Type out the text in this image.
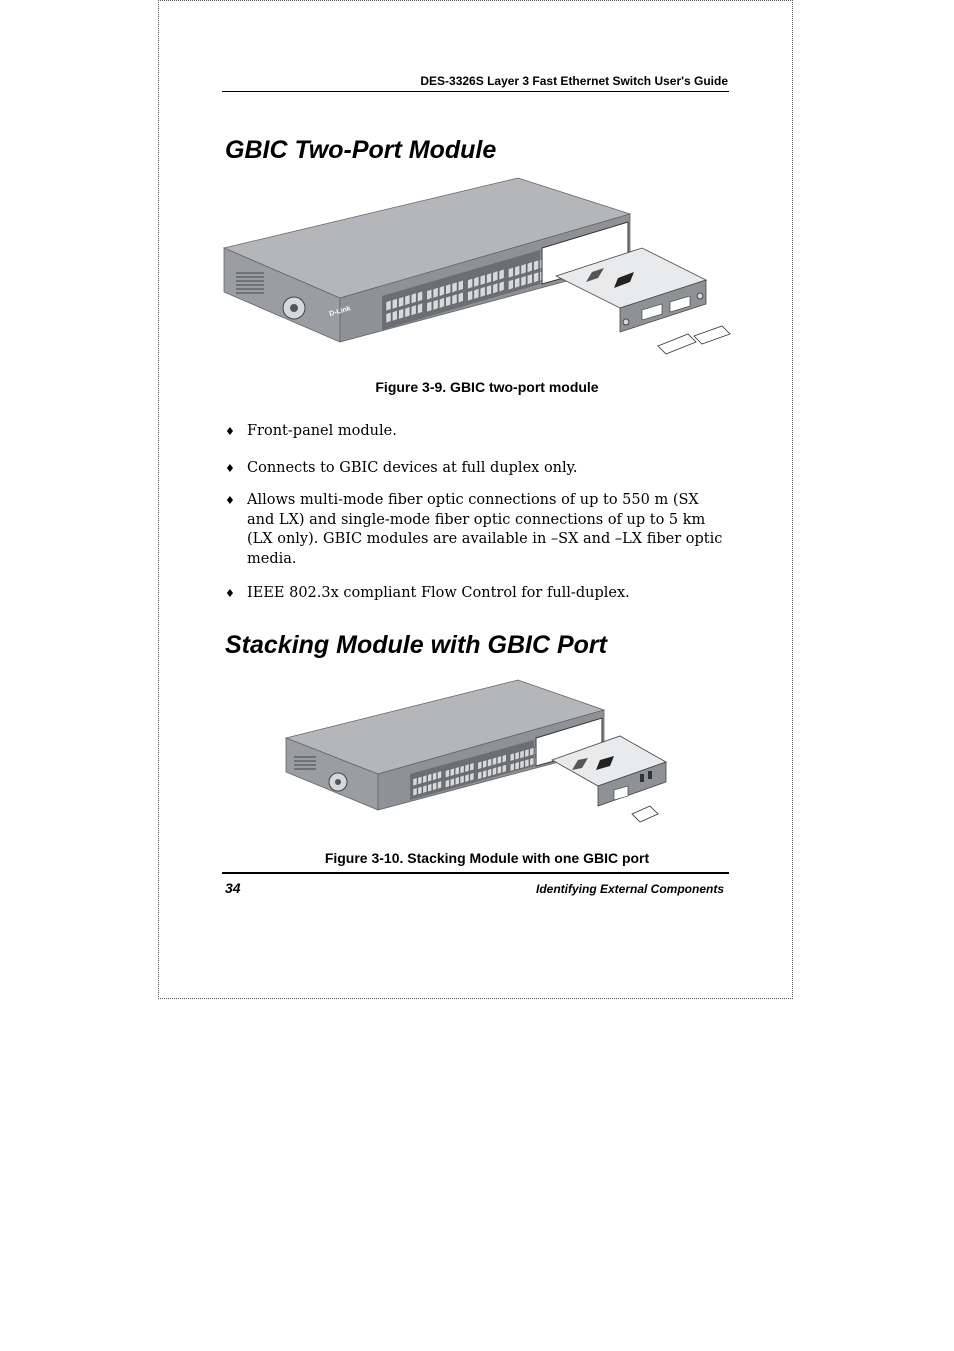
DES-3326S Layer 3 Fast Ethernet Switch User's Guide
GBIC Two-Port Module
D-Link
Figure 3-9. GBIC two-port module
♦ Front-panel module.
♦ Connects to GBIC devices at full duplex only.
♦ Allows multi-mode fiber optic connections of up to 550 m (SX and LX) and single-mode fiber optic connections of up to 5 km (LX only). GBIC modules are available in –SX and –LX fiber optic media.
♦ IEEE 802.3x compliant Flow Control for full-duplex.
Stacking Module with GBIC Port
Figure 3-10. Stacking Module with one GBIC port
34	Identifying External Components
